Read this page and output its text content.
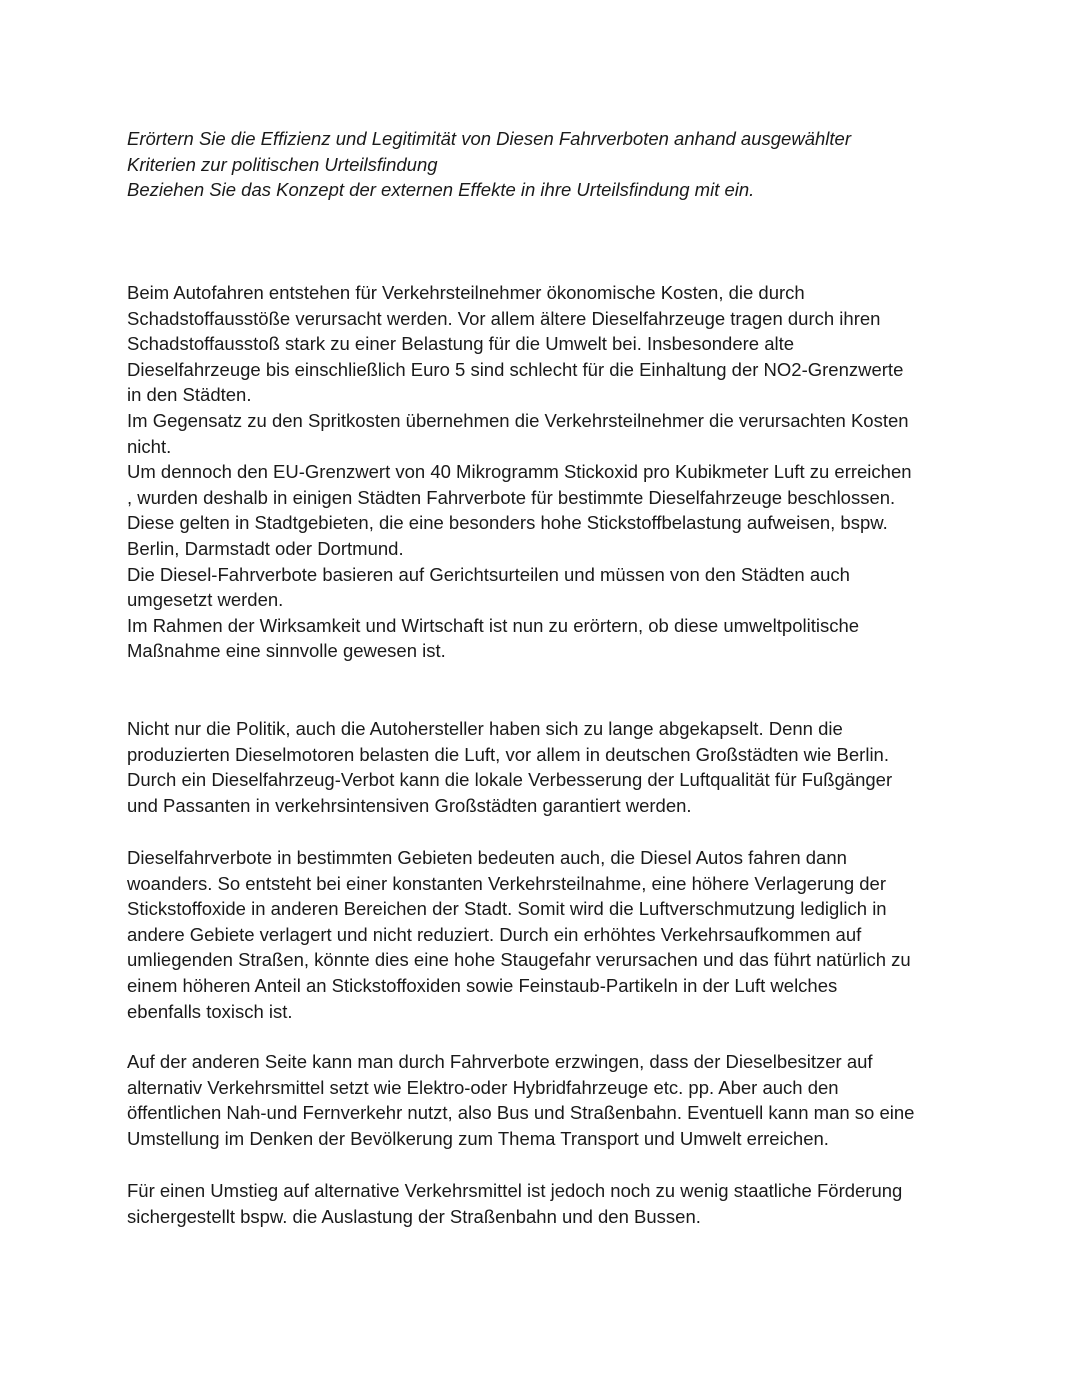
Erörtern Sie die Effizienz und Legitimität von Diesen Fahrverboten anhand ausgewählter
Kriterien zur politischen Urteilsfindung
Beziehen Sie das Konzept der externen Effekte in ihre Urteilsfindung mit ein.
Beim Autofahren entstehen für Verkehrsteilnehmer ökonomische Kosten, die durch
Schadstoffausstöße verursacht werden. Vor allem ältere Dieselfahrzeuge tragen durch ihren
Schadstoffausstoß stark zu einer Belastung für die Umwelt bei. Insbesondere alte
Dieselfahrzeuge bis einschließlich Euro 5 sind schlecht für die Einhaltung der NO2-Grenzwerte
in den Städten.
Im Gegensatz zu den Spritkosten übernehmen die Verkehrsteilnehmer die verursachten Kosten
nicht.
Um dennoch den EU-Grenzwert von 40 Mikrogramm Stickoxid pro Kubikmeter Luft zu erreichen
, wurden deshalb in einigen Städten Fahrverbote für bestimmte Dieselfahrzeuge beschlossen.
Diese gelten in Stadtgebieten, die eine besonders hohe Stickstoffbelastung aufweisen, bspw.
Berlin, Darmstadt oder Dortmund.
Die Diesel-Fahrverbote basieren auf Gerichtsurteilen und müssen von den Städten auch
umgesetzt werden.
Im Rahmen der Wirksamkeit und Wirtschaft ist nun zu erörtern, ob diese umweltpolitische
Maßnahme eine sinnvolle gewesen ist.
Nicht nur die Politik, auch die Autohersteller haben sich zu lange abgekapselt. Denn die
produzierten Dieselmotoren belasten die Luft, vor allem in deutschen Großstädten wie Berlin.
Durch ein Dieselfahrzeug-Verbot kann die lokale Verbesserung der Luftqualität für Fußgänger
und Passanten in verkehrsintensiven Großstädten garantiert werden.
Dieselfahrverbote in bestimmten Gebieten bedeuten auch, die Diesel Autos fahren dann
woanders. So entsteht bei einer konstanten Verkehrsteilnahme, eine höhere Verlagerung der
Stickstoffoxide in anderen Bereichen der Stadt. Somit wird die Luftverschmutzung lediglich in
andere Gebiete verlagert und nicht reduziert. Durch ein erhöhtes Verkehrsaufkommen auf
umliegenden Straßen, könnte dies eine hohe Staugefahr verursachen und das führt natürlich zu
einem höheren Anteil an Stickstoffoxiden sowie Feinstaub-Partikeln in der Luft welches
ebenfalls toxisch ist.
Auf der anderen Seite kann man durch Fahrverbote erzwingen, dass der Dieselbesitzer auf
alternativ Verkehrsmittel setzt wie Elektro-oder Hybridfahrzeuge etc. pp. Aber auch den
öffentlichen Nah-und Fernverkehr nutzt, also Bus und Straßenbahn. Eventuell kann man so eine
Umstellung im Denken der Bevölkerung zum Thema Transport und Umwelt erreichen.
Für einen Umstieg auf alternative Verkehrsmittel ist jedoch noch zu wenig staatliche Förderung
sichergestellt bspw. die Auslastung der Straßenbahn und den Bussen.
